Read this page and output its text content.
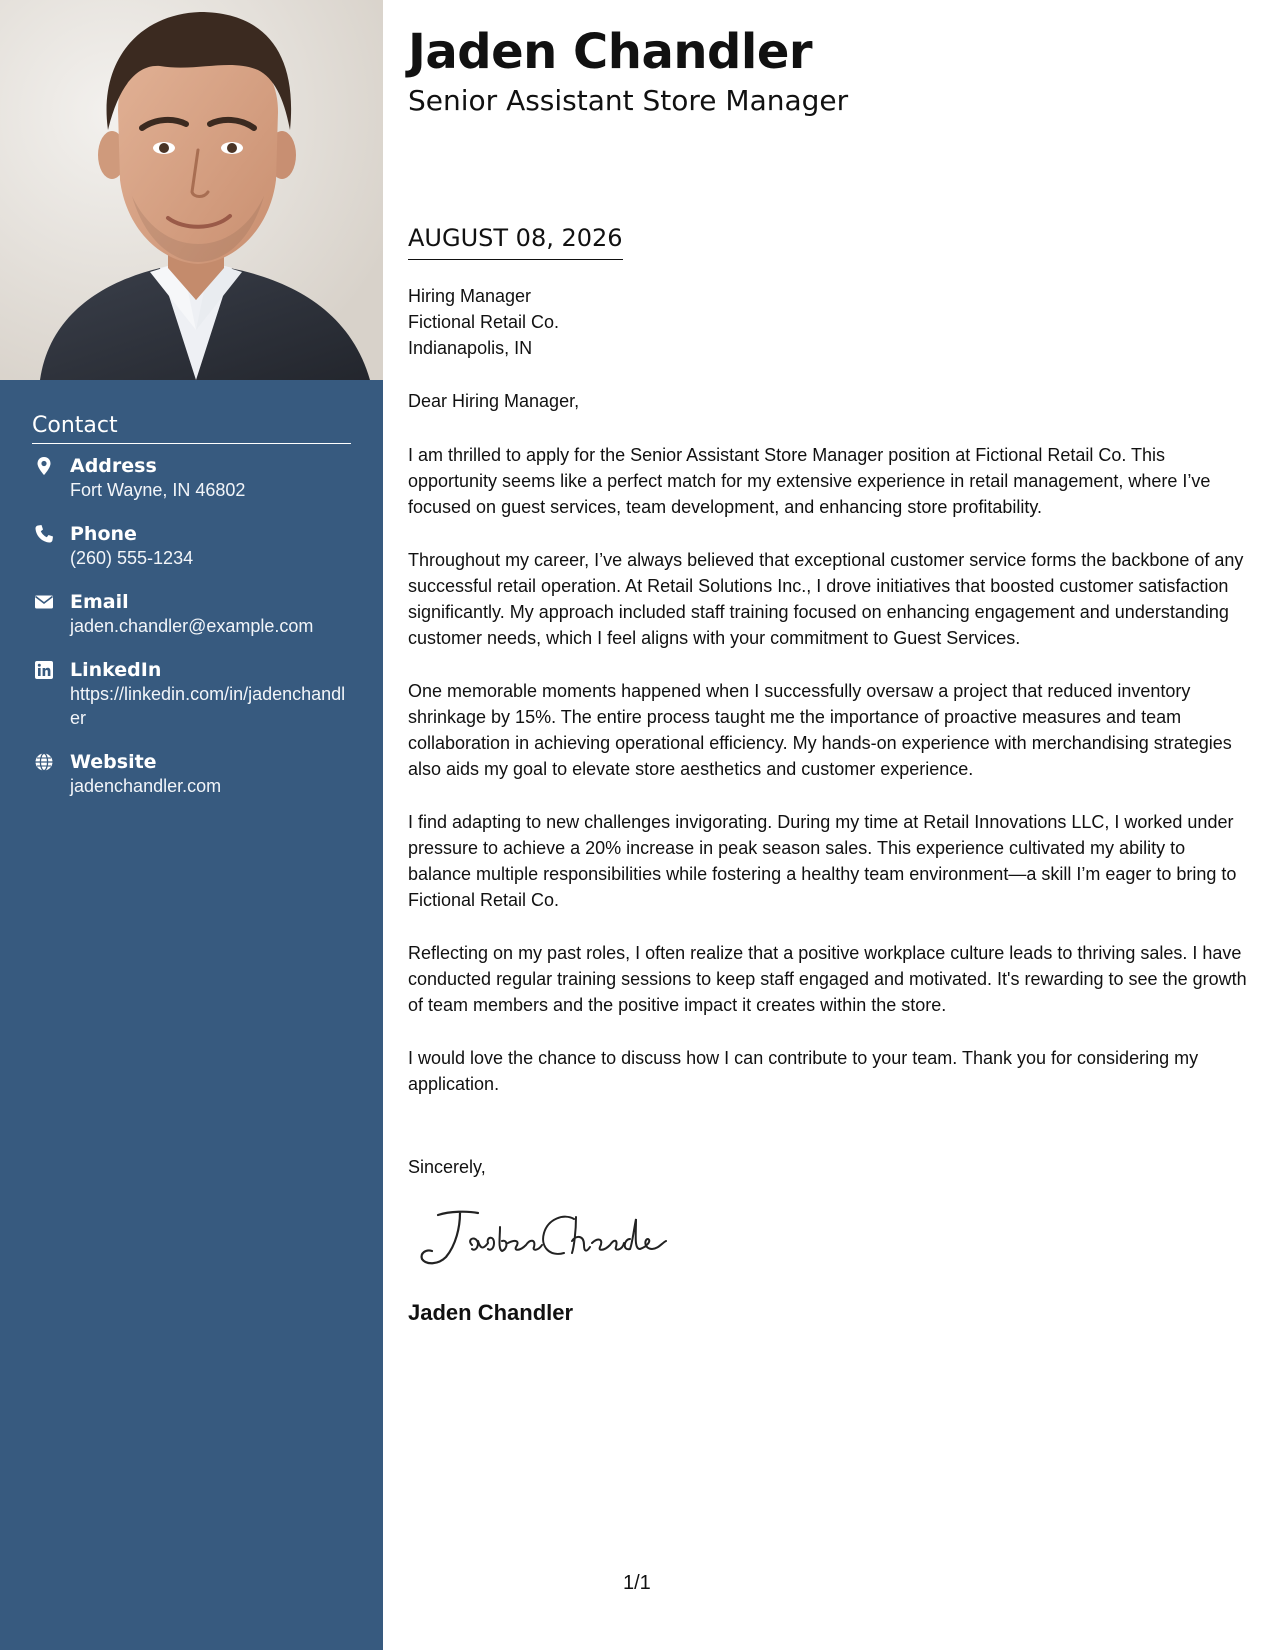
Contact
Address
Fort Wayne, IN 46802
Phone
(260) 555-1234
Email
jaden.chandler@example.com
LinkedIn
https://linkedin.com/in/jadenchandler
Website
jadenchandler.com
Jaden Chandler
Senior Assistant Store Manager
AUGUST 08, 2026
Hiring Manager
Fictional Retail Co.
Indianapolis, IN
Dear Hiring Manager,

I am thrilled to apply for the Senior Assistant Store Manager position at Fictional Retail Co. This opportunity seems like a perfect match for my extensive experience in retail management, where I’ve focused on guest services, team development, and enhancing store profitability.

Throughout my career, I’ve always believed that exceptional customer service forms the backbone of any successful retail operation. At Retail Solutions Inc., I drove initiatives that boosted customer satisfaction significantly. My approach included staff training focused on enhancing engagement and understanding customer needs, which I feel aligns with your commitment to Guest Services.

One memorable moments happened when I successfully oversaw a project that reduced inventory shrinkage by 15%. The entire process taught me the importance of proactive measures and team collaboration in achieving operational efficiency. My hands-on experience with merchandising strategies also aids my goal to elevate store aesthetics and customer experience.

I find adapting to new challenges invigorating. During my time at Retail Innovations LLC, I worked under pressure to achieve a 20% increase in peak season sales. This experience cultivated my ability to balance multiple responsibilities while fostering a healthy team environment—a skill I’m eager to bring to Fictional Retail Co.

Reflecting on my past roles, I often realize that a positive workplace culture leads to thriving sales. I have conducted regular training sessions to keep staff engaged and motivated. It's rewarding to see the growth of team members and the positive impact it creates within the store.

I would love the chance to discuss how I can contribute to your team. Thank you for considering my application.

Sincerely,
Jaden Chandler
1/1
